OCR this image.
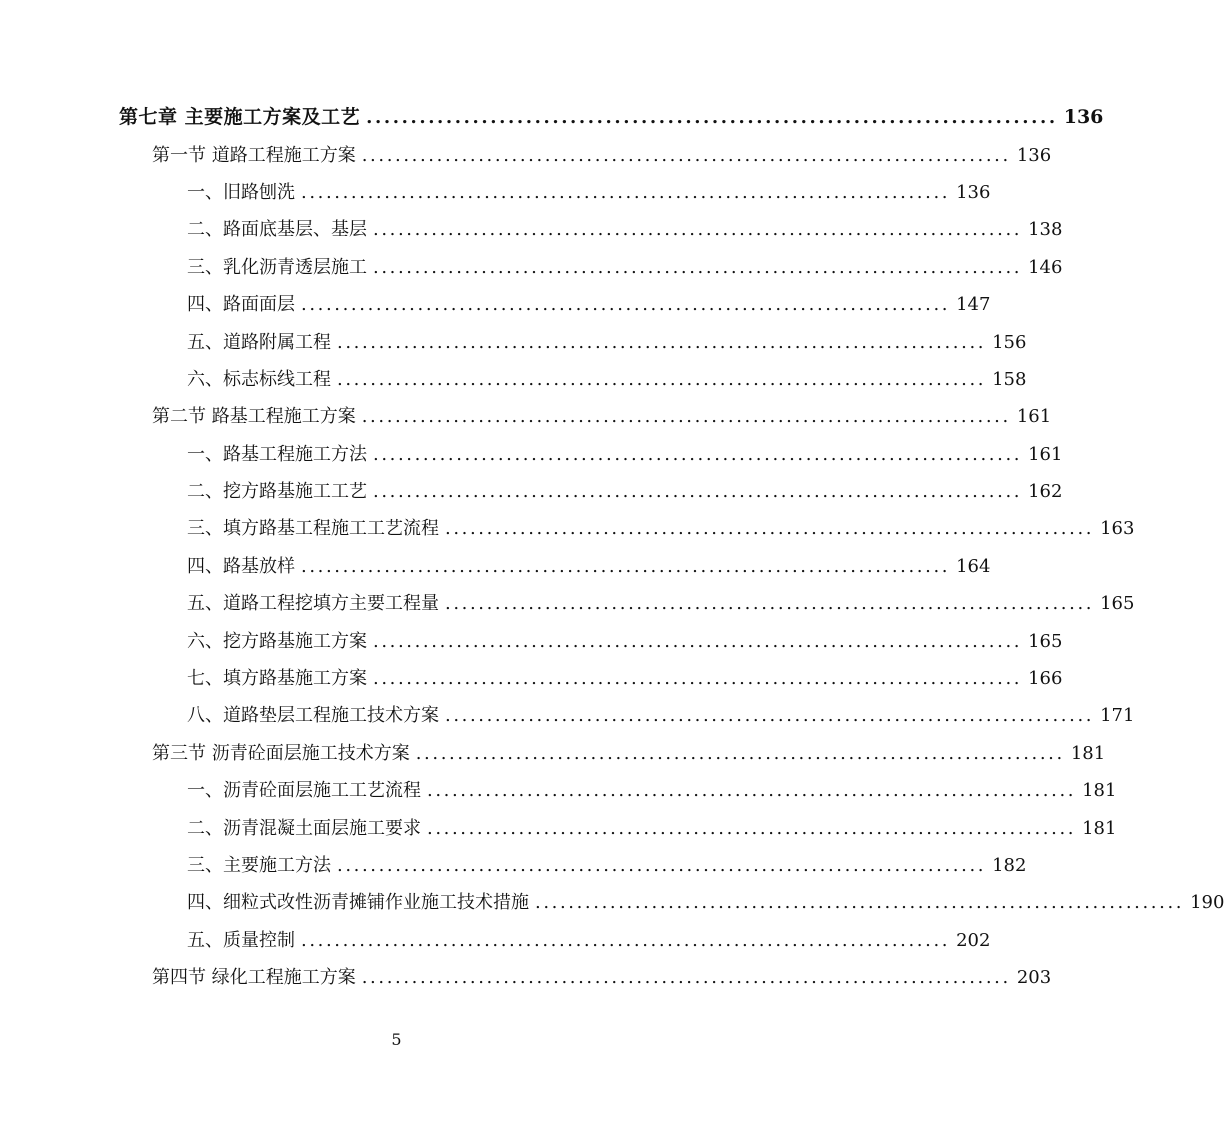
第七章 主要施工方案及工艺 .............................................................................. 136
第一节 道路工程施工方案 .............................................................................. 136
一、旧路刨洗 .............................................................................. 136
二、路面底基层、基层 .............................................................................. 138
三、乳化沥青透层施工 .............................................................................. 146
四、路面面层 .............................................................................. 147
五、道路附属工程 .............................................................................. 156
六、标志标线工程 .............................................................................. 158
第二节 路基工程施工方案 .............................................................................. 161
一、路基工程施工方法 .............................................................................. 161
二、挖方路基施工工艺 .............................................................................. 162
三、填方路基工程施工工艺流程 .............................................................................. 163
四、路基放样 .............................................................................. 164
五、道路工程挖填方主要工程量 .............................................................................. 165
六、挖方路基施工方案 .............................................................................. 165
七、填方路基施工方案 .............................................................................. 166
八、道路垫层工程施工技术方案 .............................................................................. 171
第三节 沥青砼面层施工技术方案 .............................................................................. 181
一、沥青砼面层施工工艺流程 .............................................................................. 181
二、沥青混凝土面层施工要求 .............................................................................. 181
三、主要施工方法 .............................................................................. 182
四、细粒式改性沥青摊铺作业施工技术措施 .............................................................................. 190
五、质量控制 .............................................................................. 202
第四节 绿化工程施工方案 .............................................................................. 203
5
